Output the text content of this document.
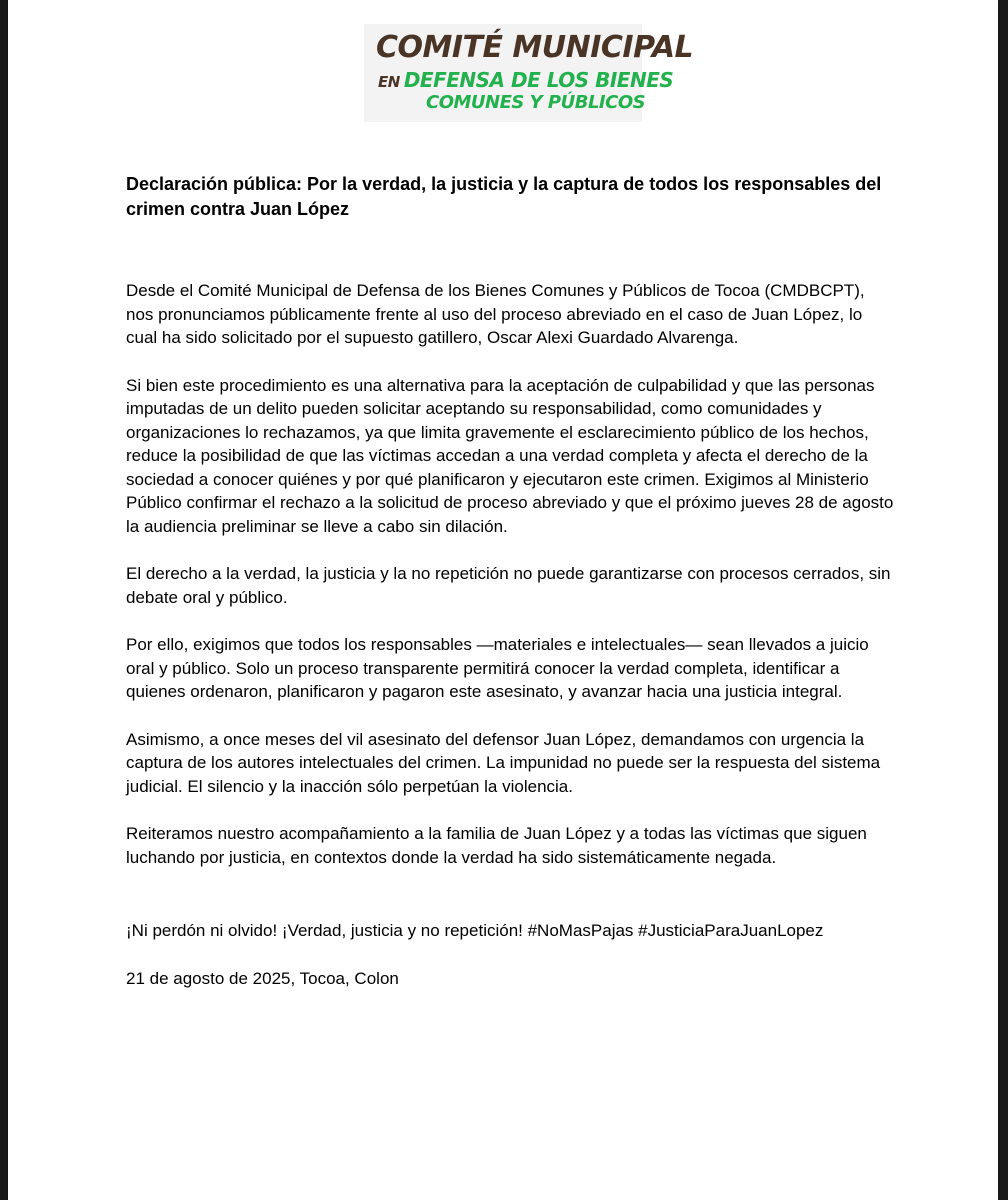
COMITÉ MUNICIPAL
EN DEFENSA DE LOS BIENES
COMUNES Y PÚBLICOS

Declaración pública: Por la verdad, la justicia y la captura de todos los responsables del crimen contra Juan López

Desde el Comité Municipal de Defensa de los Bienes Comunes y Públicos de Tocoa (CMDBCPT), nos pronunciamos públicamente frente al uso del proceso abreviado en el caso de Juan López, lo cual ha sido solicitado por el supuesto gatillero, Oscar Alexi Guardado Alvarenga.

Si bien este procedimiento es una alternativa para la aceptación de culpabilidad y que las personas imputadas de un delito pueden solicitar aceptando su responsabilidad, como comunidades y organizaciones lo rechazamos, ya que limita gravemente el esclarecimiento público de los hechos, reduce la posibilidad de que las víctimas accedan a una verdad completa y afecta el derecho de la sociedad a conocer quiénes y por qué planificaron y ejecutaron este crimen. Exigimos al Ministerio Público confirmar el rechazo a la solicitud de proceso abreviado y que el próximo jueves 28 de agosto la audiencia preliminar se lleve a cabo sin dilación.

El derecho a la verdad, la justicia y la no repetición no puede garantizarse con procesos cerrados, sin debate oral y público.

Por ello, exigimos que todos los responsables —materiales e intelectuales— sean llevados a juicio oral y público. Solo un proceso transparente permitirá conocer la verdad completa, identificar a quienes ordenaron, planificaron y pagaron este asesinato, y avanzar hacia una justicia integral.

Asimismo, a once meses del vil asesinato del defensor Juan López, demandamos con urgencia la captura de los autores intelectuales del crimen. La impunidad no puede ser la respuesta del sistema judicial. El silencio y la inacción sólo perpetúan la violencia.

Reiteramos nuestro acompañamiento a la familia de Juan López y a todas las víctimas que siguen luchando por justicia, en contextos donde la verdad ha sido sistemáticamente negada.

¡Ni perdón ni olvido! ¡Verdad, justicia y no repetición! #NoMasPajas #JusticiaParaJuanLopez

21 de agosto de 2025, Tocoa, Colon
